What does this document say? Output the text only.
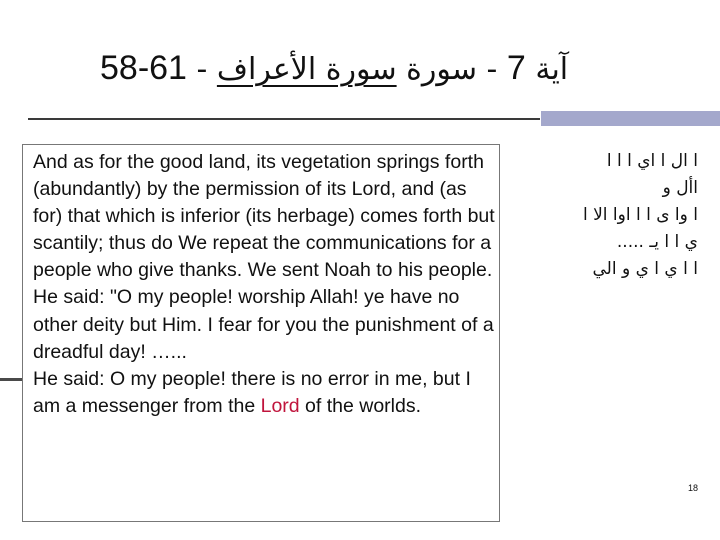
58-61 - آية 7 - سورة سورة الأعراف

And as for the good land, its vegetation springs forth (abundantly) by the permission of its Lord, and (as for) that which is inferior (its herbage) comes forth but scantily; thus do We repeat the communications for a people who give thanks. We sent Noah to his people. He said: "O my people! worship Allah! ye have no other deity but Him. I fear for you the punishment of a dreadful day! …...

He said: O my people! there is no error in me, but I am a messenger from the Lord of the worlds.

ا ال ا اي ا ا ا

األ و

ا وا ى ا ا اوا الا ا

ي ا ا يـ .....

ا ا ي ا ي و الي

18
